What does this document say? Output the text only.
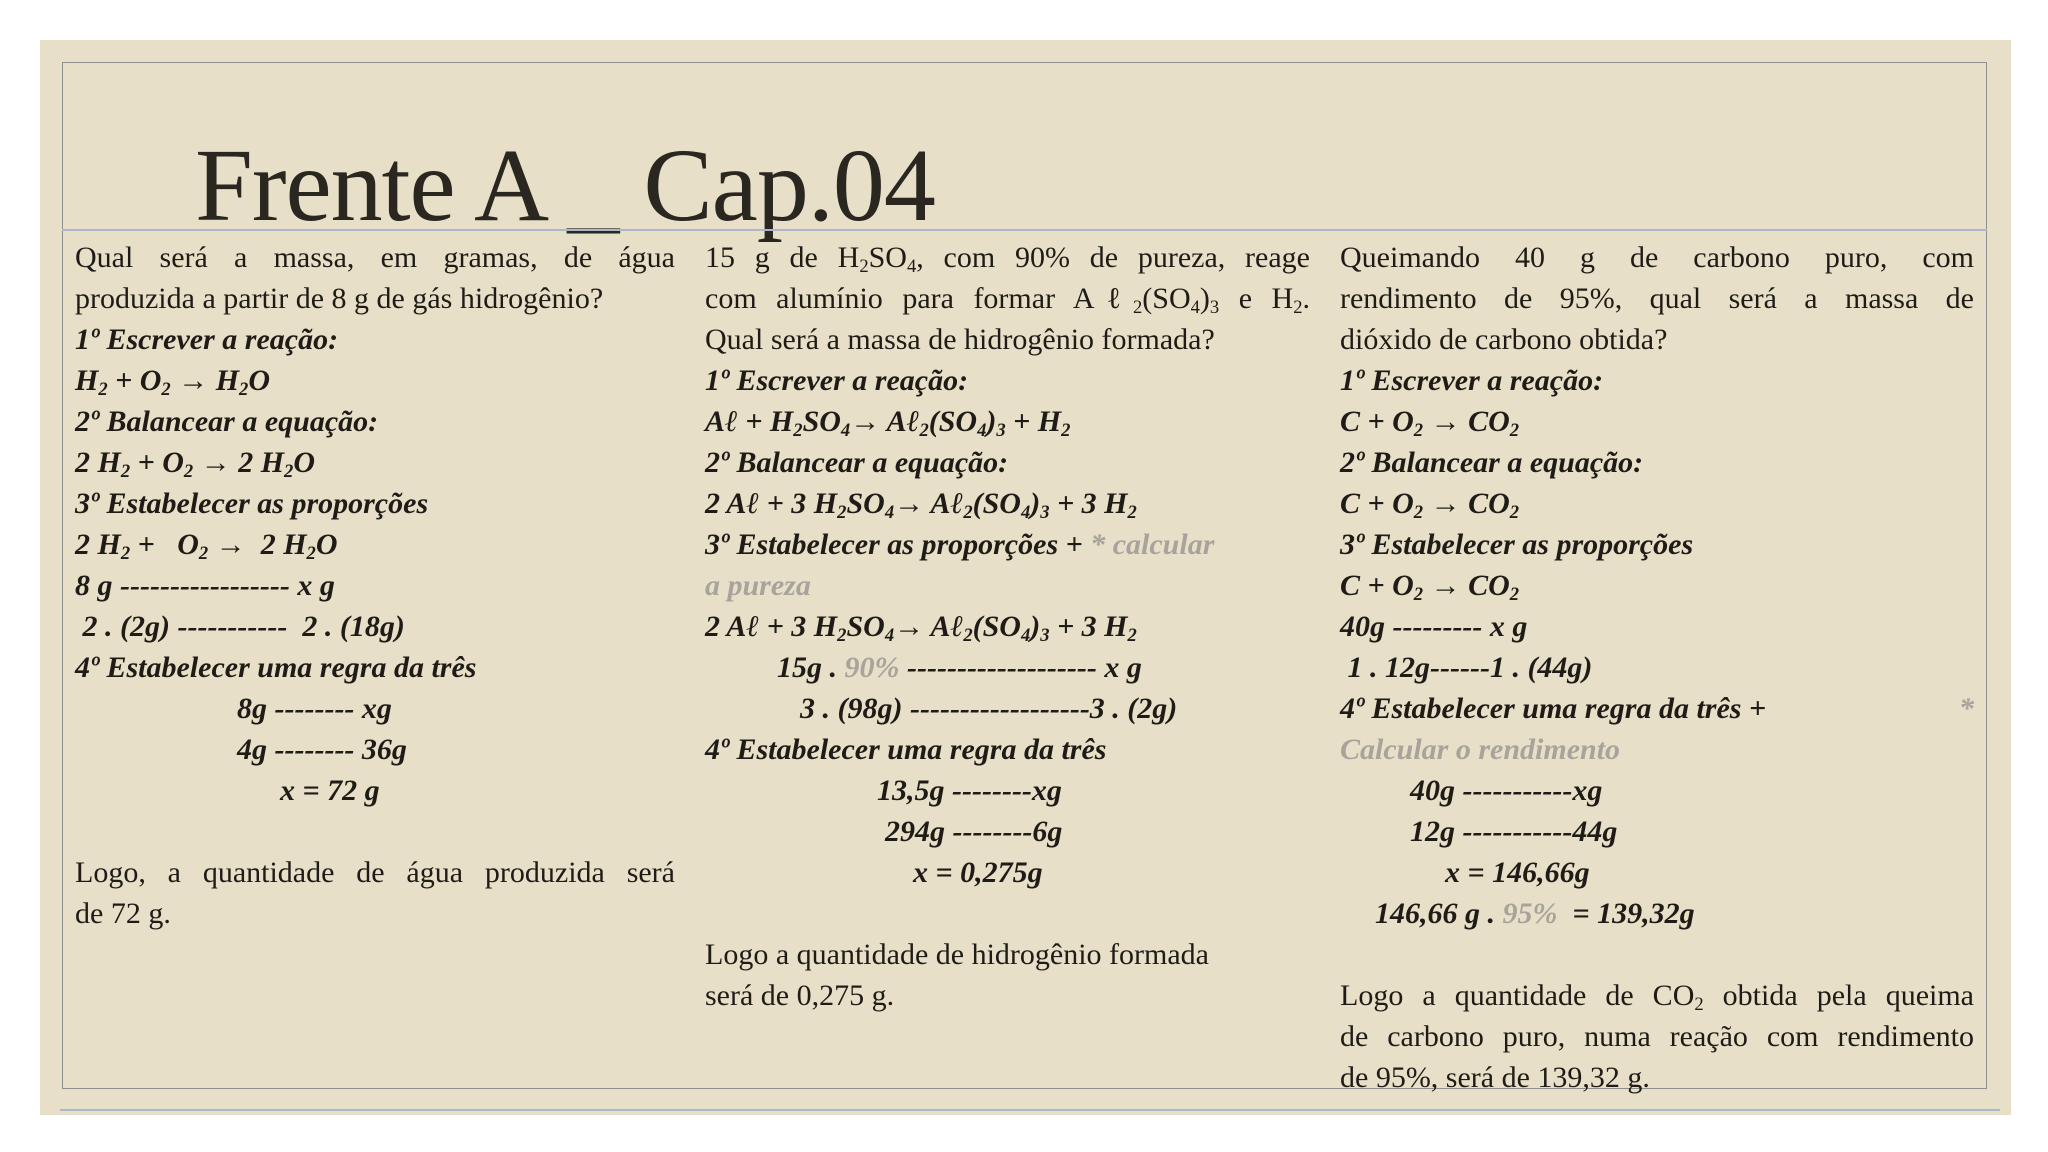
Frente A _ Cap.04
Qual será a massa, em gramas, de água
produzida a partir de 8 g de gás hidrogênio?
1º Escrever a reação:
$H_2 + O_2 \to H_2O$
2º Balancear a equação:
2 $H_2 + O_2 \to 2$ $H_2O$
3º Estabelecer as proporções
2 $H_2 + O_2 \to 2$ $H_2O$
8 g ----------------- x g
2 . (2g) -----------  2 . (18g)
4º Estabelecer uma regra da três
8g -------- xg
4g -------- 36g
x = 72 g
Logo, a quantidade de água produzida será
de 72 g.
15 g de $H_2SO_4$, com 90% de pureza, reage
com alumínio para formar $A\ell_2(SO_4)_3$ e $H_2$.
Qual será a massa de hidrogênio formada?
1º Escrever a reação:
Aℓ + $H_2SO_4\to$ $A\ell_2(SO_4)_3 + H_2$
2º Balancear a equação:
2 Aℓ + 3 $H_2SO_4\to$ $A\ell_2(SO_4)_3 + 3$ $H_2$
3º Estabelecer as proporções + * calcular
a pureza
2 Aℓ + 3 $H_2SO_4\to$ $A\ell_2(SO_4)_3 + 3$ $H_2$
15g . 90% ------------------- x g
3 . (98g) ------------------3 . (2g)
4º Estabelecer uma regra da três
13,5g --------xg
294g --------6g
x = 0,275g
Logo a quantidade de hidrogênio formada
será de 0,275 g.
Queimando 40 g de carbono puro, com
rendimento de 95%, qual será a massa de
dióxido de carbono obtida?
1º Escrever a reação:
$C + O_2 \to CO_2$
2º Balancear a equação:
$C + O_2 \to CO_2$
3º Estabelecer as proporções
$C + O_2 \to CO_2$
40g --------- x g
1 . 12g------1 . (44g)
4º Estabelecer uma regra da três +	*
Calcular o rendimento
40g -----------xg
12g -----------44g
x = 146,66g
146,66 g . 95%  = 139,32g
Logo a quantidade de $CO_2$ obtida pela queima
de carbono puro, numa reação com rendimento
de 95%, será de 139,32 g.
